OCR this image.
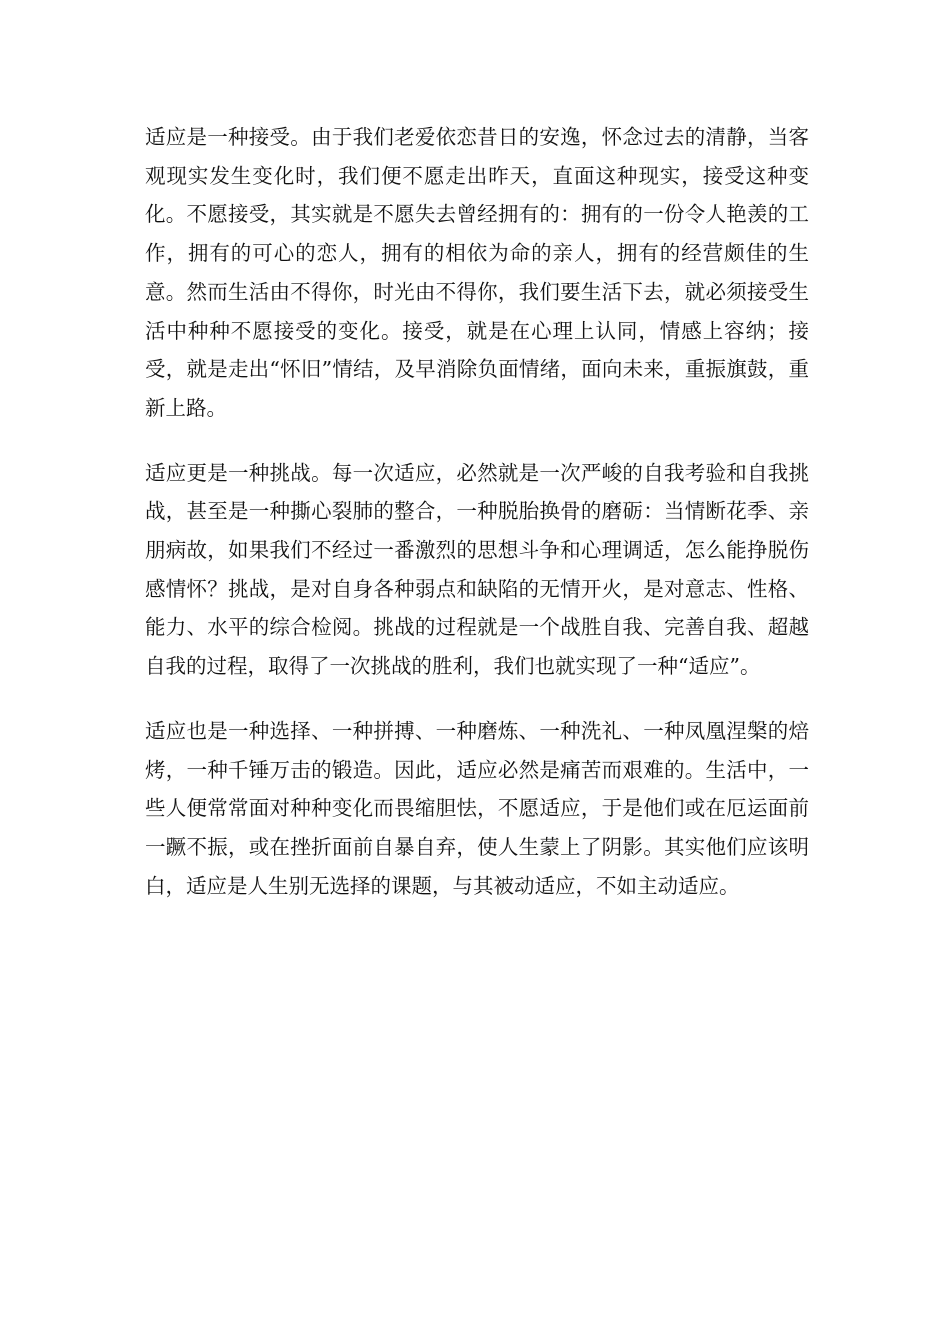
适应是一种接受。由于我们老爱依恋昔日的安逸，怀念过去的清静，当客观现实发生变化时，我们便不愿走出昨天，直面这种现实，接受这种变化。不愿接受，其实就是不愿失去曾经拥有的：拥有的一份令人艳羡的工作，拥有的可心的恋人，拥有的相依为命的亲人，拥有的经营颇佳的生意。然而生活由不得你，时光由不得你，我们要生活下去，就必须接受生活中种种不愿接受的变化。接受，就是在心理上认同，情感上容纳；接受，就是走出“怀旧”情结，及早消除负面情绪，面向未来，重振旗鼓，重新上路。

适应更是一种挑战。每一次适应，必然就是一次严峻的自我考验和自我挑战，甚至是一种撕心裂肺的整合，一种脱胎换骨的磨砺：当情断花季、亲朋病故，如果我们不经过一番激烈的思想斗争和心理调适，怎么能挣脱伤感情怀？挑战，是对自身各种弱点和缺陷的无情开火，是对意志、性格、能力、水平的综合检阅。挑战的过程就是一个战胜自我、完善自我、超越自我的过程，取得了一次挑战的胜利，我们也就实现了一种“适应”。

适应也是一种选择、一种拼搏、一种磨炼、一种洗礼、一种凤凰涅槃的焙烤，一种千锤万击的锻造。因此，适应必然是痛苦而艰难的。生活中，一些人便常常面对种种变化而畏缩胆怯，不愿适应，于是他们或在厄运面前一蹶不振，或在挫折面前自暴自弃，使人生蒙上了阴影。其实他们应该明白，适应是人生别无选择的课题，与其被动适应，不如主动适应。
